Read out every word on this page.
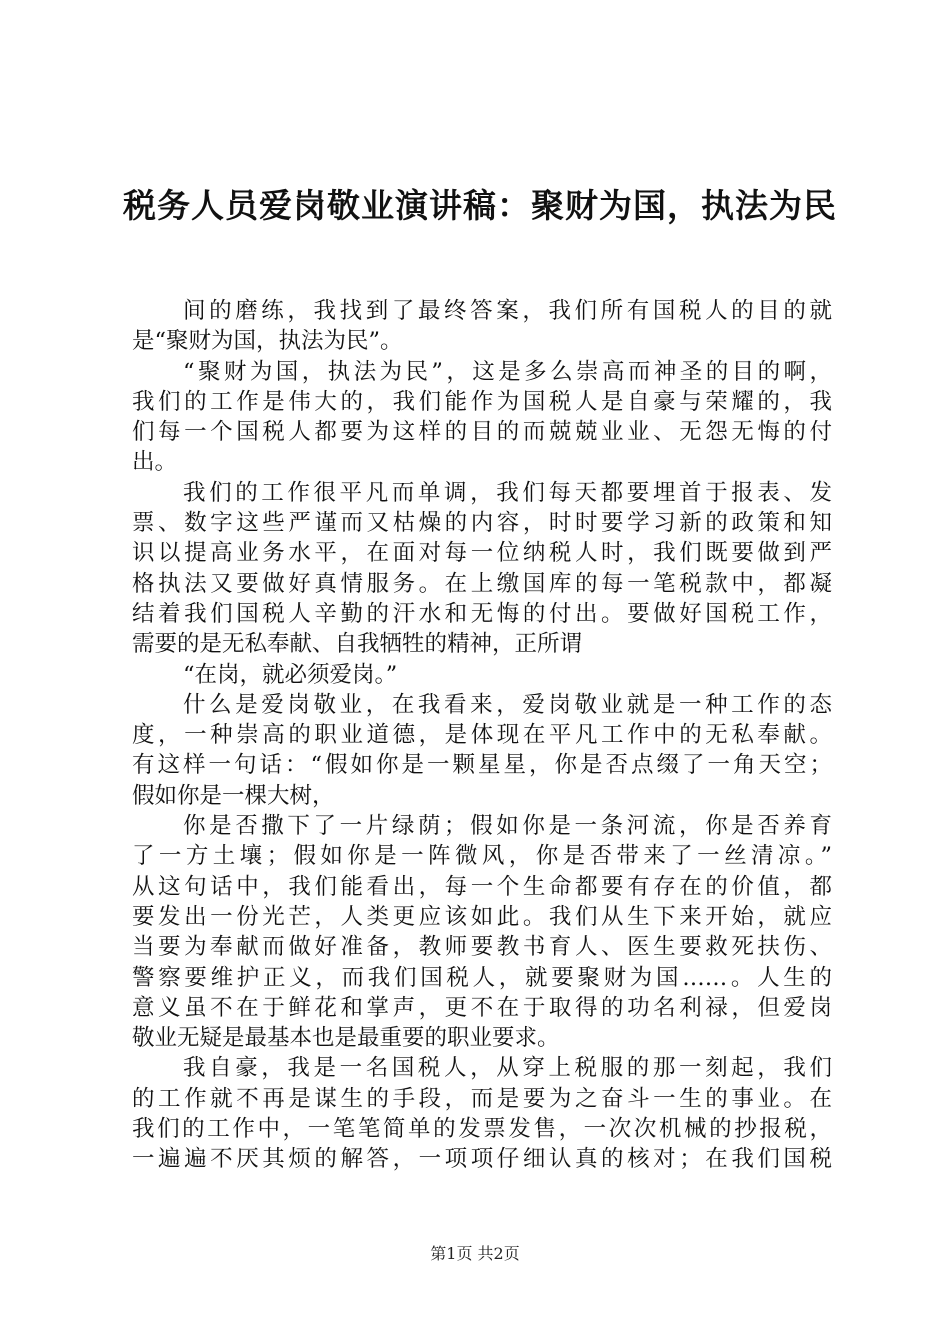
税务人员爱岗敬业演讲稿：聚财为国，执法为民
间的磨练，我找到了最终答案，我们所有国税人的目的就
是“聚财为国，执法为民”。
“聚财为国，执法为民”，这是多么崇高而神圣的目的啊，
我们的工作是伟大的，我们能作为国税人是自豪与荣耀的，我
们每一个国税人都要为这样的目的而兢兢业业、无怨无悔的付
出。
我们的工作很平凡而单调，我们每天都要埋首于报表、发
票、数字这些严谨而又枯燥的内容，时时要学习新的政策和知
识以提高业务水平，在面对每一位纳税人时，我们既要做到严
格执法又要做好真情服务。在上缴国库的每一笔税款中，都凝
结着我们国税人辛勤的汗水和无悔的付出。要做好国税工作，
需要的是无私奉献、自我牺牲的精神，正所谓
“在岗，就必须爱岗。”
什么是爱岗敬业，在我看来，爱岗敬业就是一种工作的态
度，一种崇高的职业道德，是体现在平凡工作中的无私奉献。
有这样一句话：“假如你是一颗星星，你是否点缀了一角天空；
假如你是一棵大树，
你是否撒下了一片绿荫；假如你是一条河流，你是否养育
了一方土壤；假如你是一阵微风，你是否带来了一丝清凉。”
从这句话中，我们能看出，每一个生命都要有存在的价值，都
要发出一份光芒，人类更应该如此。我们从生下来开始，就应
当要为奉献而做好准备，教师要教书育人、医生要救死扶伤、
警察要维护正义，而我们国税人，就要聚财为国……。人生的
意义虽不在于鲜花和掌声，更不在于取得的功名利禄，但爱岗
敬业无疑是最基本也是最重要的职业要求。
我自豪，我是一名国税人，从穿上税服的那一刻起，我们
的工作就不再是谋生的手段，而是要为之奋斗一生的事业。在
我们的工作中，一笔笔简单的发票发售，一次次机械的抄报税，
一遍遍不厌其烦的解答，一项项仔细认真的核对；在我们国税
第1页 共2页
